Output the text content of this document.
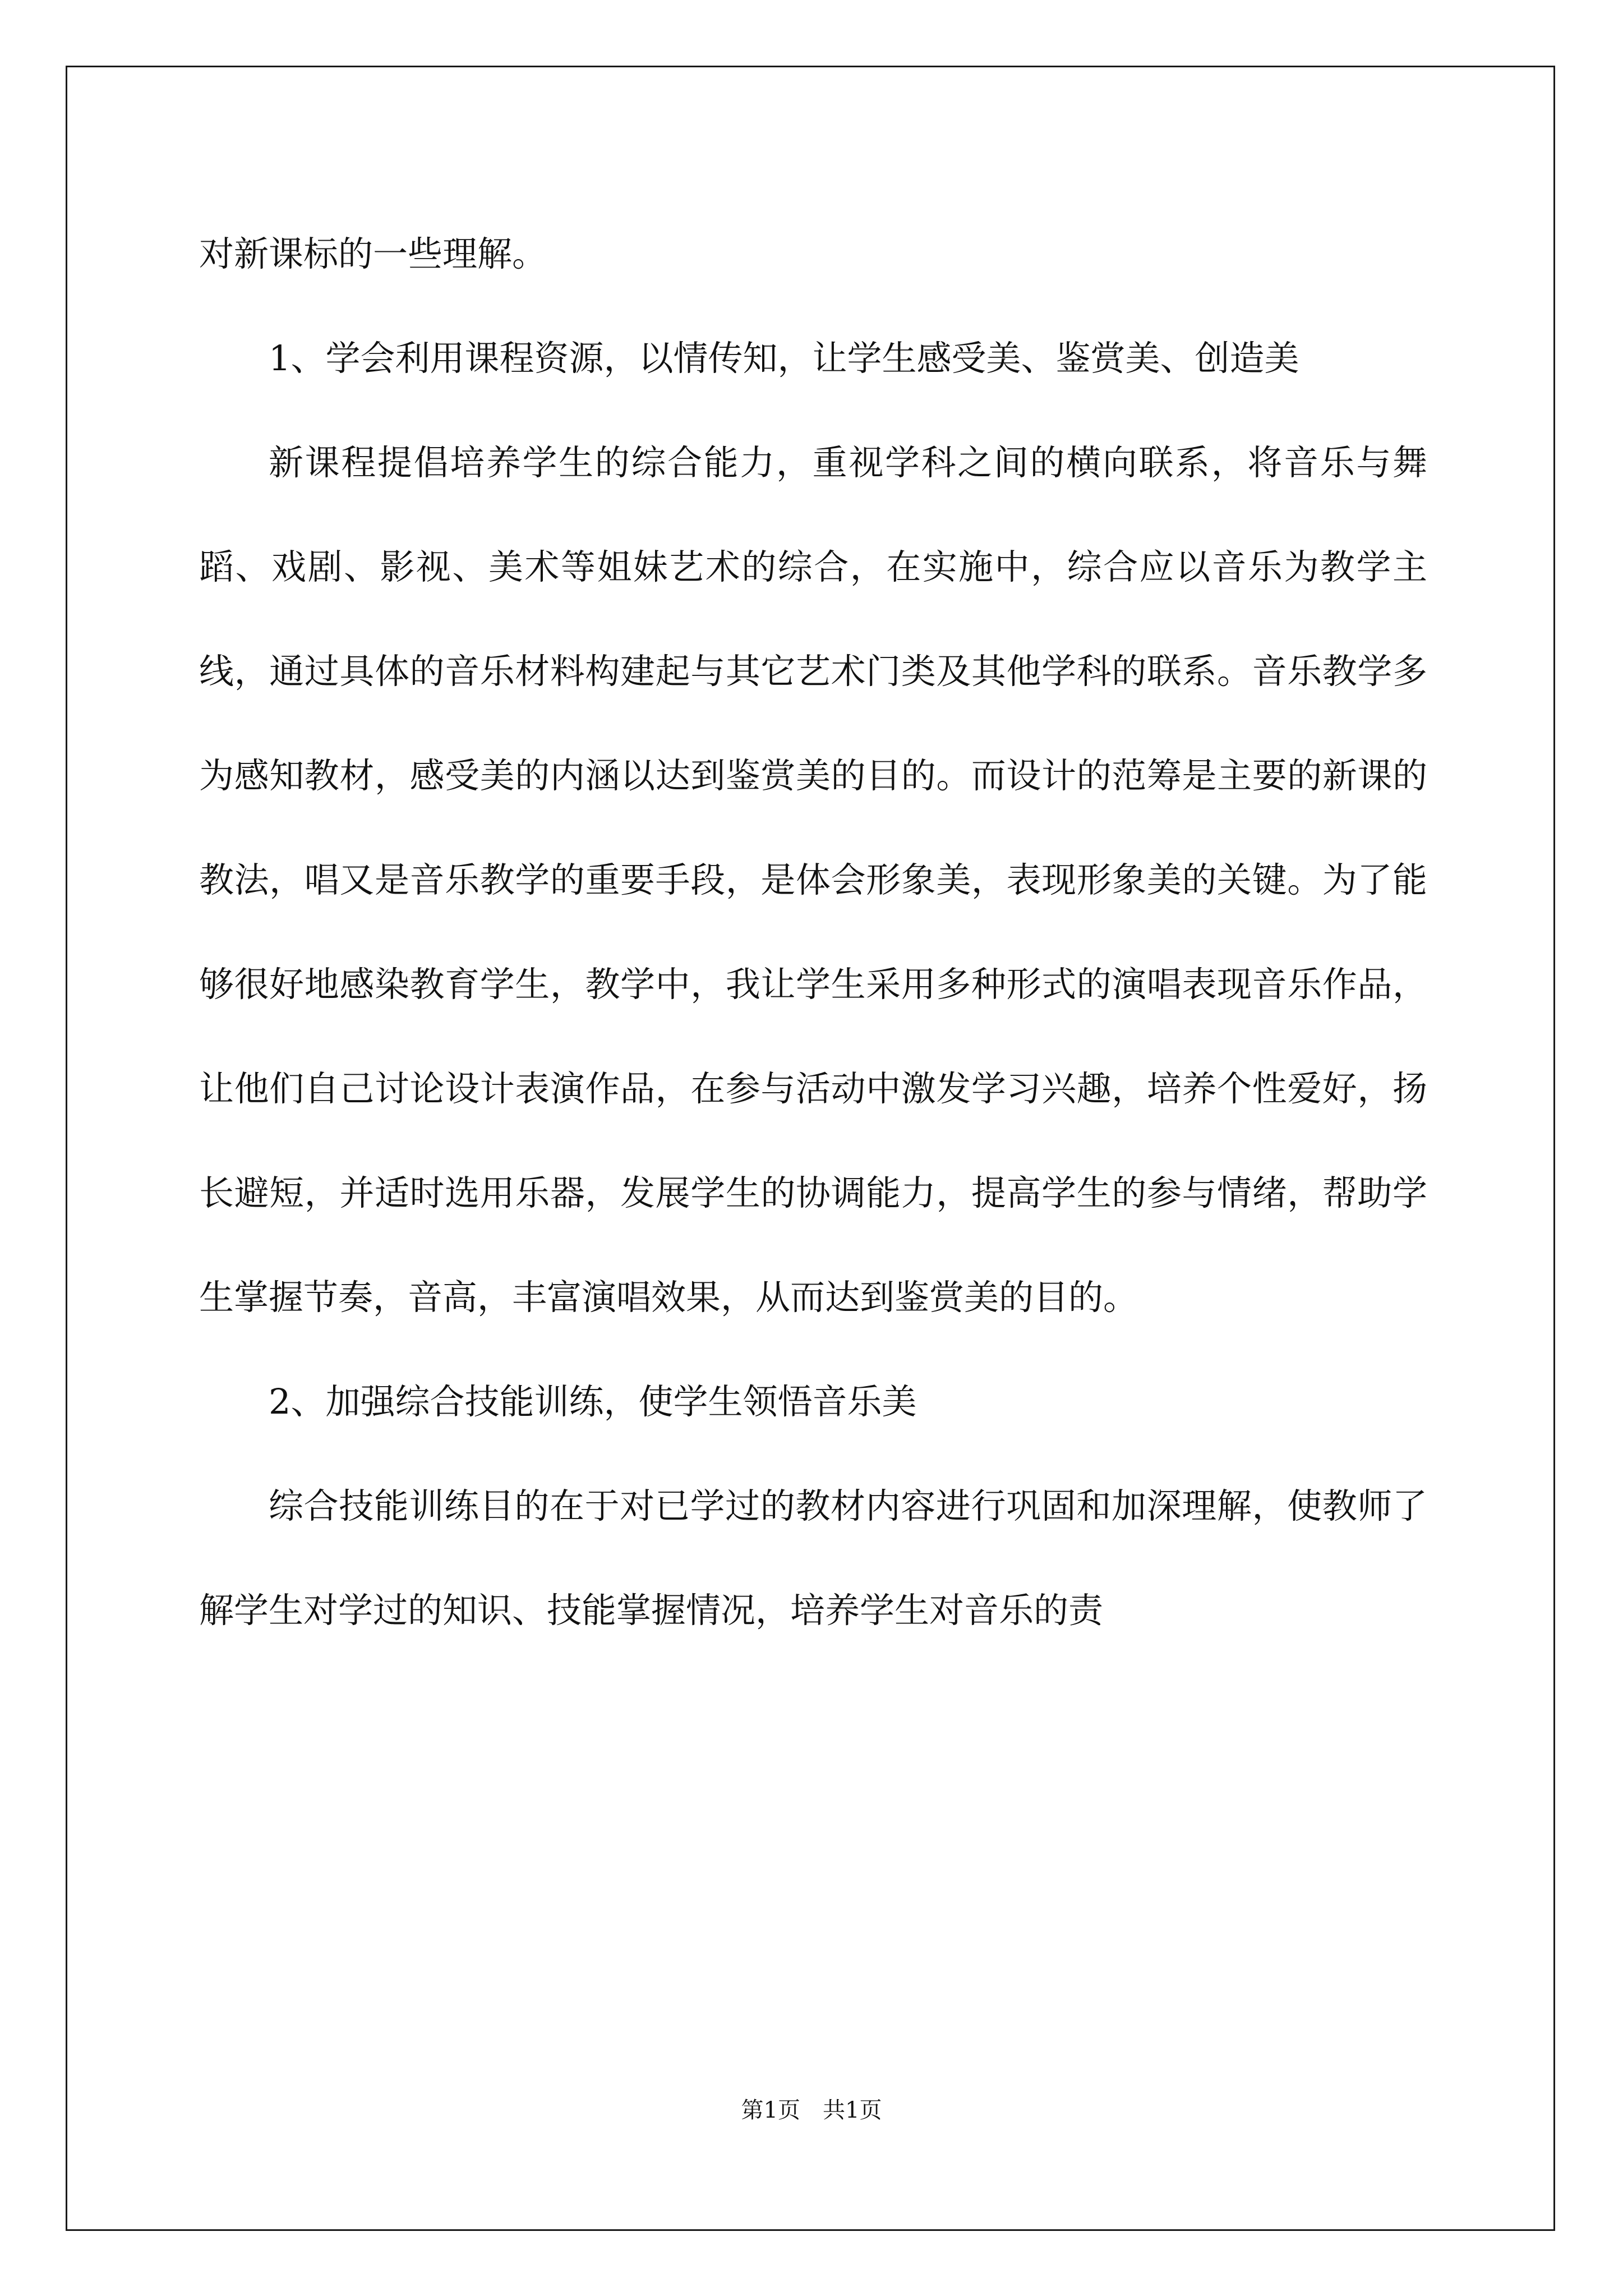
对新课标的一些理解。

1、学会利用课程资源，以情传知，让学生感受美、鉴赏美、创造美

新课程提倡培养学生的综合能力，重视学科之间的横向联系，将音乐与舞蹈、戏剧、影视、美术等姐妹艺术的综合，在实施中，综合应以音乐为教学主线，通过具体的音乐材料构建起与其它艺术门类及其他学科的联系。音乐教学多为感知教材，感受美的内涵以达到鉴赏美的目的。而设计的范筹是主要的新课的教法，唱又是音乐教学的重要手段，是体会形象美，表现形象美的关键。为了能够很好地感染教育学生，教学中，我让学生采用多种形式的演唱表现音乐作品，让他们自己讨论设计表演作品，在参与活动中激发学习兴趣，培养个性爱好，扬长避短，并适时选用乐器，发展学生的协调能力，提高学生的参与情绪，帮助学生掌握节奏，音高，丰富演唱效果，从而达到鉴赏美的目的。

2、加强综合技能训练，使学生领悟音乐美

综合技能训练目的在于对已学过的教材内容进行巩固和加深理解，使教师了解学生对学过的知识、技能掌握情况，培养学生对音乐的责

第1页　共1页
